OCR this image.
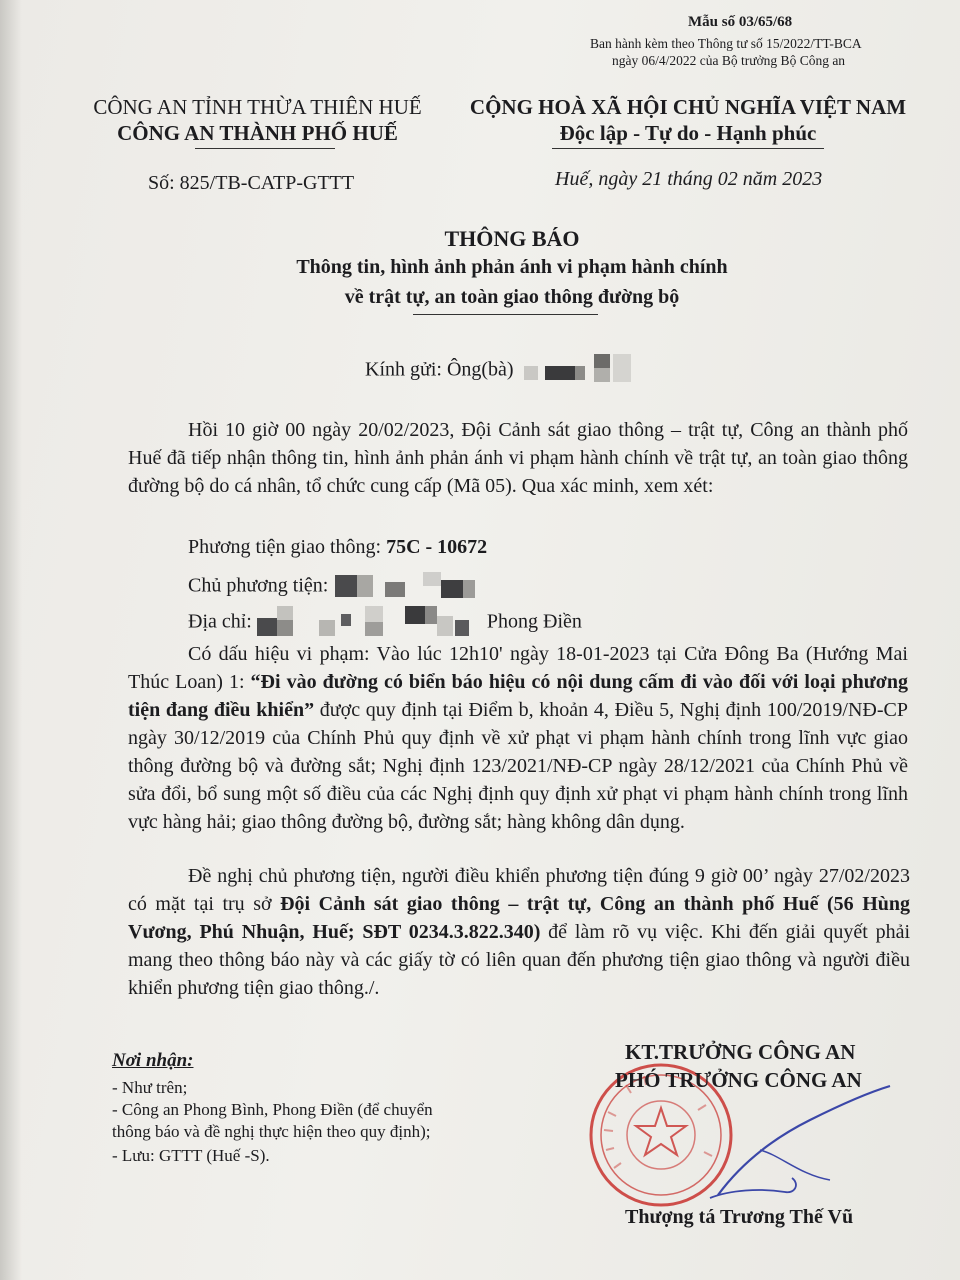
Mẫu số 03/65/68
Ban hành kèm theo Thông tư số 15/2022/TT-BCA
ngày 06/4/2022 của Bộ trưởng Bộ Công an
CÔNG AN TỈNH THỪA THIÊN HUẾ
CÔNG AN THÀNH PHỐ HUẾ
CỘNG HOÀ XÃ HỘI CHỦ NGHĨA VIỆT NAM
Độc lập - Tự do - Hạnh phúc
Số: 825/TB-CATP-GTTT	Huế, ngày 21 tháng 02 năm 2023
THÔNG BÁO
Thông tin, hình ảnh phản ánh vi phạm hành chính
về trật tự, an toàn giao thông đường bộ
Kính gửi: Ông(bà)
Hồi 10 giờ 00 ngày 20/02/2023, Đội Cảnh sát giao thông – trật tự, Công an thành phố Huế đã tiếp nhận thông tin, hình ảnh phản ánh vi phạm hành chính về trật tự, an toàn giao thông đường bộ do cá nhân, tổ chức cung cấp (Mã 05). Qua xác minh, xem xét:
Phương tiện giao thông: 75C - 10672
Chủ phương tiện:
Địa chỉ:	Phong Điền
Có dấu hiệu vi phạm: Vào lúc 12h10' ngày 18-01-2023 tại Cửa Đông Ba (Hướng Mai Thúc Loan) 1: “Đi vào đường có biển báo hiệu có nội dung cấm đi vào đối với loại phương tiện đang điều khiển” được quy định tại Điểm b, khoản 4, Điều 5, Nghị định 100/2019/NĐ-CP ngày 30/12/2019 của Chính Phủ quy định về xử phạt vi phạm hành chính trong lĩnh vực giao thông đường bộ và đường sắt; Nghị định 123/2021/NĐ-CP ngày 28/12/2021 của Chính Phủ về sửa đổi, bổ sung một số điều của các Nghị định quy định xử phạt vi phạm hành chính trong lĩnh vực hàng hải; giao thông đường bộ, đường sắt; hàng không dân dụng.
Đề nghị chủ phương tiện, người điều khiển phương tiện đúng 9 giờ 00’ ngày 27/02/2023 có mặt tại trụ sở Đội Cảnh sát giao thông – trật tự, Công an thành phố Huế (56 Hùng Vương, Phú Nhuận, Huế; SĐT 0234.3.822.340) để làm rõ vụ việc. Khi đến giải quyết phải mang theo thông báo này và các giấy tờ có liên quan đến phương tiện giao thông và người điều khiển phương tiện giao thông./.
Nơi nhận:
- Như trên;
- Công an Phong Bình, Phong Điền (để chuyển
thông báo và đề nghị thực hiện theo quy định);
- Lưu: GTTT (Huế -S).
KT.TRƯỞNG CÔNG AN
PHÓ TRƯỞNG CÔNG AN
Thượng tá Trương Thế Vũ
